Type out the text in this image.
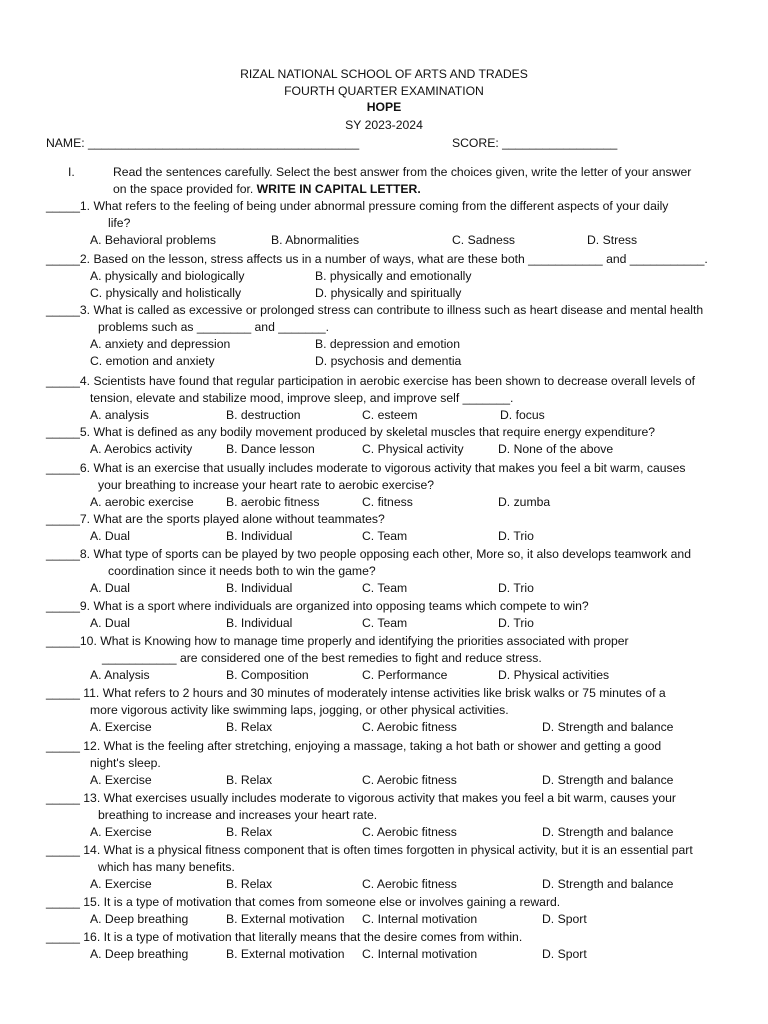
RIZAL NATIONAL SCHOOL OF ARTS AND TRADES
FOURTH QUARTER EXAMINATION
HOPE
SY 2023-2024
NAME: ________________________________________	SCORE: _________________
I.	Read the sentences carefully. Select the best answer from the choices given, write the letter of your answer
on the space provided for. WRITE IN CAPITAL LETTER.
_____1. What refers to the feeling of being under abnormal pressure coming from the different aspects of your daily
life?
A. Behavioral problems	B. Abnormalities	C. Sadness	D. Stress
_____2. Based on the lesson, stress affects us in a number of ways, what are these both ___________ and ___________.
A. physically and biologically	B. physically and emotionally
C. physically and holistically	D. physically and spiritually
_____3. What is called as excessive or prolonged stress can contribute to illness such as heart disease and mental health
problems such as ________ and _______.
A. anxiety and depression	B. depression and emotion
C. emotion and anxiety	D. psychosis and dementia
_____4. Scientists have found that regular participation in aerobic exercise has been shown to decrease overall levels of
tension, elevate and stabilize mood, improve sleep, and improve self _______.
A. analysis	B. destruction	C. esteem	D. focus
_____5. What is defined as any bodily movement produced by skeletal muscles that require energy expenditure?
A. Aerobics activity	B. Dance lesson	C. Physical activity	D. None of the above
_____6. What is an exercise that usually includes moderate to vigorous activity that makes you feel a bit warm, causes
your breathing to increase your heart rate to aerobic exercise?
A. aerobic exercise	B. aerobic fitness	C. fitness	D. zumba
_____7. What are the sports played alone without teammates?
A. Dual	B. Individual	C. Team	D. Trio
_____8. What type of sports can be played by two people opposing each other, More so, it also develops teamwork and
coordination since it needs both to win the game?
A. Dual	B. Individual	C. Team	D. Trio
_____9. What is a sport where individuals are organized into opposing teams which compete to win?
A. Dual	B. Individual	C. Team	D. Trio
_____10. What is Knowing how to manage time properly and identifying the priorities associated with proper
___________ are considered one of the best remedies to fight and reduce stress.
A. Analysis	B. Composition	C. Performance	D. Physical activities
_____ 11. What refers to 2 hours and 30 minutes of moderately intense activities like brisk walks or 75 minutes of a
more vigorous activity like swimming laps, jogging, or other physical activities.
A. Exercise	B. Relax	C. Aerobic fitness	D. Strength and balance
_____ 12. What is the feeling after stretching, enjoying a massage, taking a hot bath or shower and getting a good
night's sleep.
A. Exercise	B. Relax	C. Aerobic fitness	D. Strength and balance
_____ 13. What exercises usually includes moderate to vigorous activity that makes you feel a bit warm, causes your
breathing to increase and increases your heart rate.
A. Exercise	B. Relax	C. Aerobic fitness	D. Strength and balance
_____ 14. What is a physical fitness component that is often times forgotten in physical activity, but it is an essential part
which has many benefits.
A. Exercise	B. Relax	C. Aerobic fitness	D. Strength and balance
_____ 15. It is a type of motivation that comes from someone else or involves gaining a reward.
A. Deep breathing	B. External motivation C. Internal motivation	D. Sport
_____ 16. It is a type of motivation that literally means that the desire comes from within.
A. Deep breathing	B. External motivation C. Internal motivation	D. Sport
